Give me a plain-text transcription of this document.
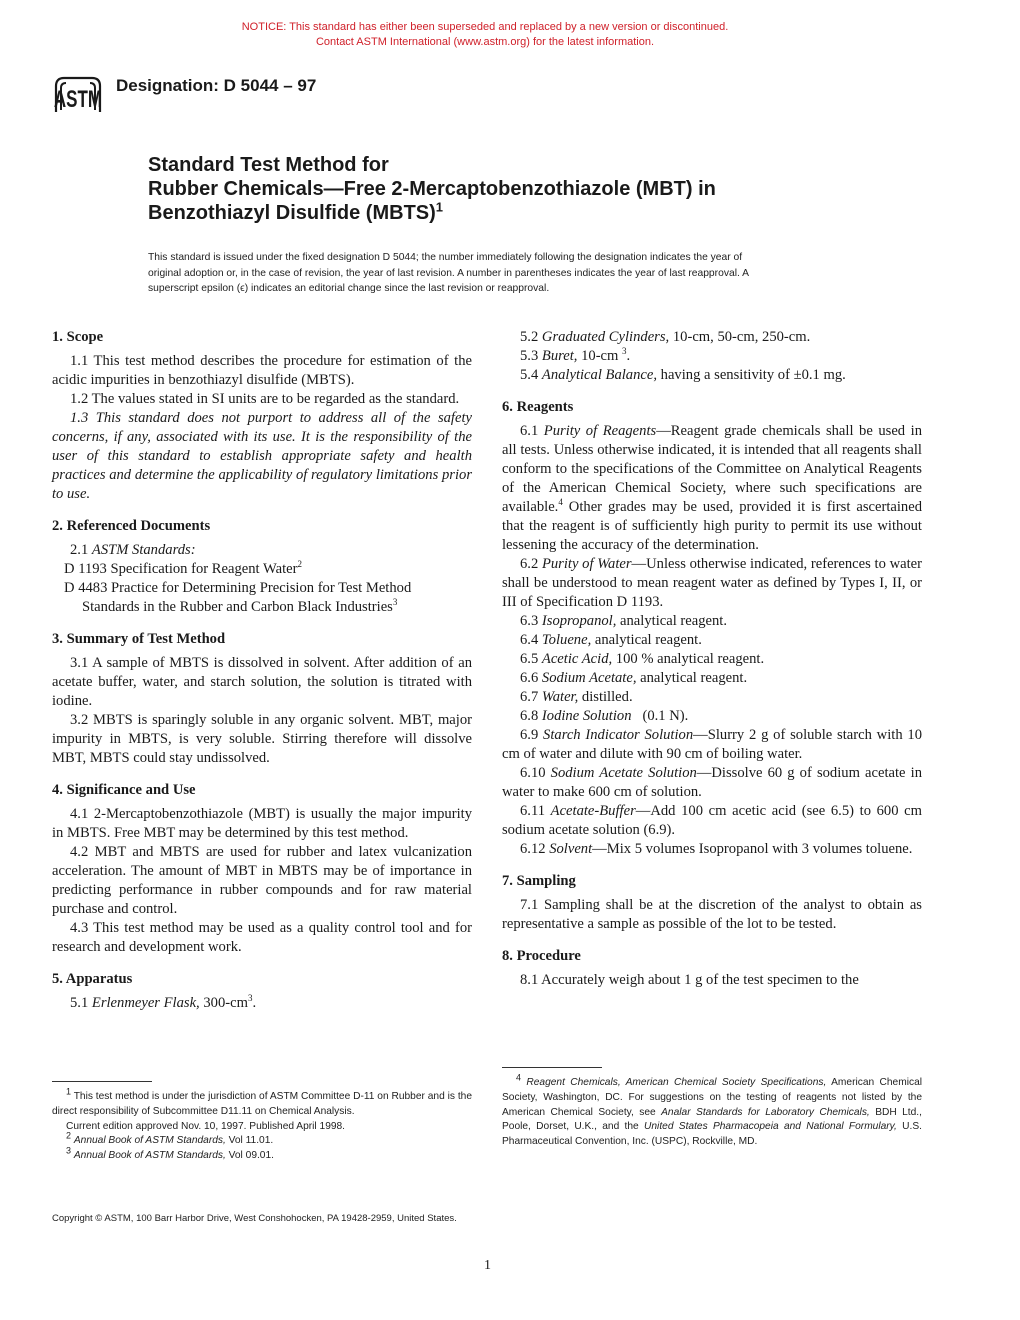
NOTICE: This standard has either been superseded and replaced by a new version or discontinued.
Contact ASTM International (www.astm.org) for the latest information.
ASTM
Designation: D 5044 – 97
Standard Test Method for
Rubber Chemicals—Free 2-Mercaptobenzothiazole (MBT) in
Benzothiazyl Disulfide (MBTS)$^1$
This standard is issued under the fixed designation D 5044; the number immediately following the designation indicates the year of
original adoption or, in the case of revision, the year of last revision. A number in parentheses indicates the year of last reapproval. A
superscript epsilon (ϵ) indicates an editorial change since the last revision or reapproval.
1. Scope

1.1 This test method describes the procedure for estimation of the acidic impurities in benzothiazyl disulfide (MBTS).

1.2 The values stated in SI units are to be regarded as the standard.

1.3 This standard does not purport to address all of the safety concerns, if any, associated with its use. It is the responsibility of the user of this standard to establish appropriate safety and health practices and determine the applicability of regulatory limitations prior to use.

2. Referenced Documents

2.1 ASTM Standards:

D 1193 Specification for Reagent Water$^2$

D 4483 Practice for Determining Precision for Test Method Standards in the Rubber and Carbon Black Industries$^3$

3. Summary of Test Method

3.1 A sample of MBTS is dissolved in solvent. After addition of an acetate buffer, water, and starch solution, the solution is titrated with iodine.

3.2 MBTS is sparingly soluble in any organic solvent. MBT, major impurity in MBTS, is very soluble. Stirring therefore will dissolve MBT, MBTS could stay undissolved.

4. Significance and Use

4.1 2-Mercaptobenzothiazole (MBT) is usually the major impurity in MBTS. Free MBT may be determined by this test method.

4.2 MBT and MBTS are used for rubber and latex vulcanization acceleration. The amount of MBT in MBTS may be of importance in predicting performance in rubber compounds and for raw material purchase and control.

4.3 This test method may be used as a quality control tool and for research and development work.

5. Apparatus

5.1 Erlenmeyer Flask, $300-cm^3$.

5.2 Graduated Cylinders, 10-cm, 50-cm, 250-cm.

5.3 Buret, 10-cm $^3$.

5.4 Analytical Balance, having a sensitivity of ±0.1 mg.

6. Reagents

6.1 Purity of Reagents—Reagent grade chemicals shall be used in all tests. Unless otherwise indicated, it is intended that all reagents shall conform to the specifications of the Committee on Analytical Reagents of the American Chemical Society, where such specifications are available.$^4$ Other grades may be used, provided it is first ascertained that the reagent is of sufficiently high purity to permit its use without lessening the accuracy of the determination.

6.2 Purity of Water—Unless otherwise indicated, references to water shall be understood to mean reagent water as defined by Types I, II, or III of Specification D 1193.

6.3 Isopropanol, analytical reagent.

6.4 Toluene, analytical reagent.

6.5 Acetic Acid, 100 % analytical reagent.

6.6 Sodium Acetate, analytical reagent.

6.7 Water, distilled.

6.8 Iodine Solution (0.1 N).

6.9 Starch Indicator Solution—Slurry 2 g of soluble starch with 10 cm of water and dilute with 90 cm of boiling water.

6.10 Sodium Acetate Solution—Dissolve 60 g of sodium acetate in water to make 600 cm of solution.

6.11 Acetate-Buffer—Add 100 cm acetic acid (see 6.5) to 600 cm sodium acetate solution (6.9).

6.12 Solvent—Mix 5 volumes Isopropanol with 3 volumes toluene.

7. Sampling

7.1 Sampling shall be at the discretion of the analyst to obtain as representative a sample as possible of the lot to be tested.

8. Procedure

8.1 Accurately weigh about 1 g of the test specimen to the

$^1$ This test method is under the jurisdiction of ASTM Committee D-11 on Rubber and is the direct responsibility of Subcommittee D11.11 on Chemical Analysis.

Current edition approved Nov. 10, 1997. Published April 1998.

$^2$ Annual Book of ASTM Standards, Vol 11.01.

$^3$ Annual Book of ASTM Standards, Vol 09.01.

$^4$ Reagent Chemicals, American Chemical Society Specifications, American Chemical Society, Washington, DC. For suggestions on the testing of reagents not listed by the American Chemical Society, see Analar Standards for Laboratory Chemicals, BDH Ltd., Poole, Dorset, U.K., and the United States Pharmacopeia and National Formulary, U.S. Pharmaceutical Convention, Inc. (USPC), Rockville, MD.

Copyright © ASTM, 100 Barr Harbor Drive, West Conshohocken, PA 19428-2959, United States.
1
